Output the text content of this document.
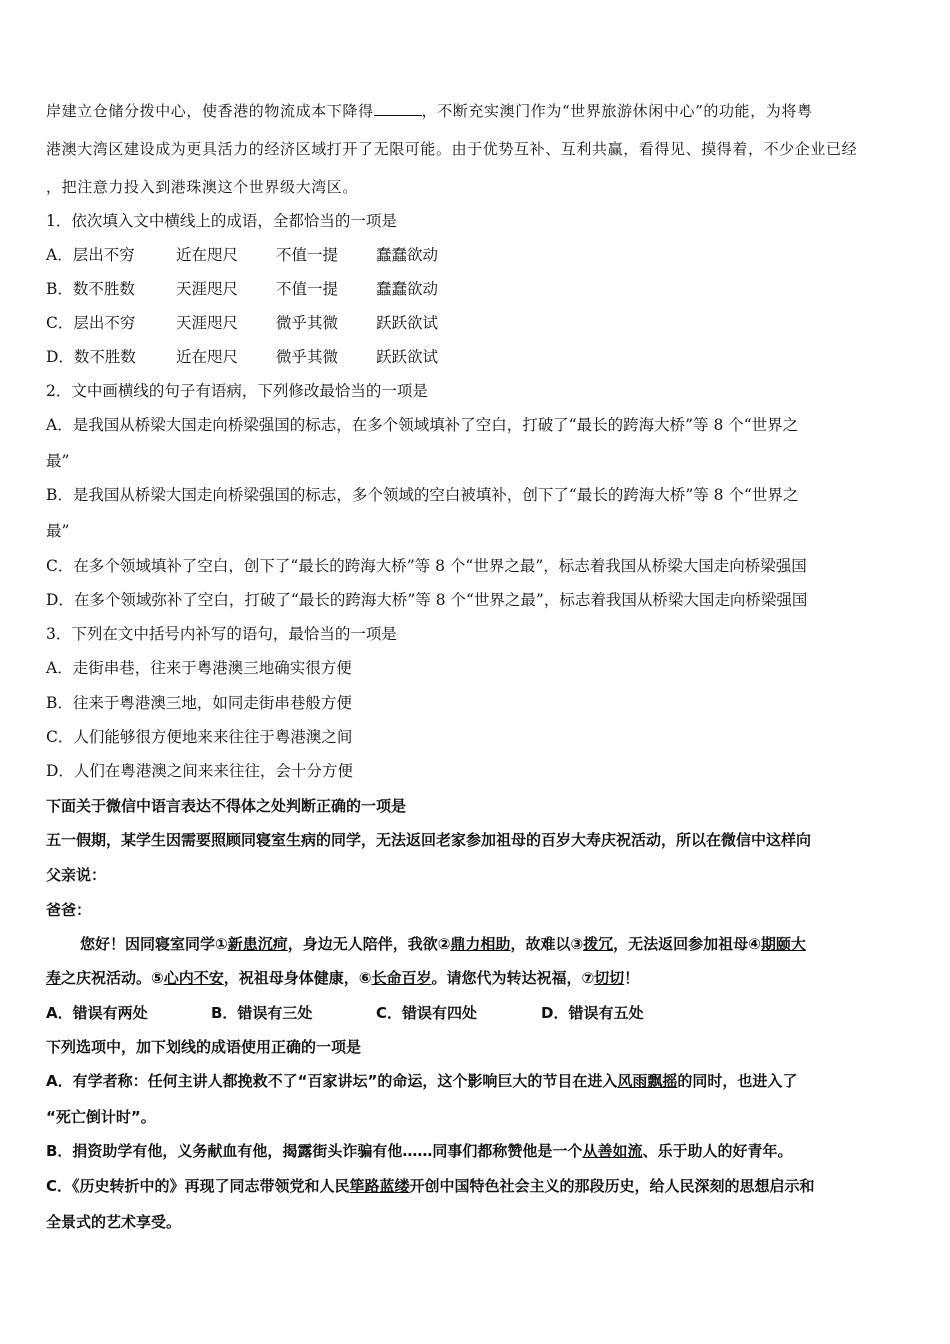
岸建立仓储分拨中心，使香港的物流成本下降得	，不断充实澳门作为“世界旅游休闲中心”的功能，为将粤
港澳大湾区建设成为更具活力的经济区域打开了无限可能。由于优势互补、互利共赢，看得见、摸得着，不少企业已经
，把注意力投入到港珠澳这个世界级大湾区。
1．依次填入文中横线上的成语，全都恰当的一项是
A．层出不穷	近在咫尺 不值一提 蠢蠢欲动
B．数不胜数	天涯咫尺 不值一提 蠢蠢欲动
C．层出不穷	天涯咫尺 微乎其微 跃跃欲试
D．数不胜数	近在咫尺 微乎其微 跃跃欲试
2．文中画横线的句子有语病，下列修改最恰当的一项是
A．是我国从桥梁大国走向桥梁强国的标志，在多个领域填补了空白，打破了“最长的跨海大桥”等 8 个“世界之
最”
B．是我国从桥梁大国走向桥梁强国的标志，多个领域的空白被填补，创下了“最长的跨海大桥”等 8 个“世界之
最”
C．在多个领域填补了空白，创下了“最长的跨海大桥”等 8 个“世界之最”，标志着我国从桥梁大国走向桥梁强国
D．在多个领域弥补了空白，打破了“最长的跨海大桥”等 8 个“世界之最”，标志着我国从桥梁大国走向桥梁强国
3．下列在文中括号内补写的语句，最恰当的一项是
A．走街串巷，往来于粤港澳三地确实很方便
B．往来于粤港澳三地，如同走街串巷般方便
C．人们能够很方便地来来往往于粤港澳之间
D．人们在粤港澳之间来来往往，会十分方便
下面关于微信中语言表达不得体之处判断正确的一项是
五一假期，某学生因需要照顾同寝室生病的同学，无法返回老家参加祖母的百岁大寿庆祝活动，所以在微信中这样向
父亲说：
爸爸：
您好！因同寝室同学①新患沉疴，身边无人陪伴，我欲②鼎力相助，故难以③拨冗，无法返回参加祖母④期颐大
寿之庆祝活动。⑤心内不安，祝祖母身体健康，⑥长命百岁。请您代为转达祝福，⑦切切！
A．错误有两处	B．错误有三处	C．错误有四处	D．错误有五处
下列选项中，加下划线的成语使用正确的一项是
A．有学者称：任何主讲人都挽救不了“百家讲坛”的命运，这个影响巨大的节目在进入风雨飘摇的同时，也进入了
“死亡倒计时”。
B．捐资助学有他，义务献血有他，揭露街头诈骗有他……同事们都称赞他是一个从善如流、乐于助人的好青年。
C．《历史转折中的》再现了同志带领党和人民筚路蓝缕开创中国特色社会主义的那段历史，给人民深刻的思想启示和
全景式的艺术享受。
